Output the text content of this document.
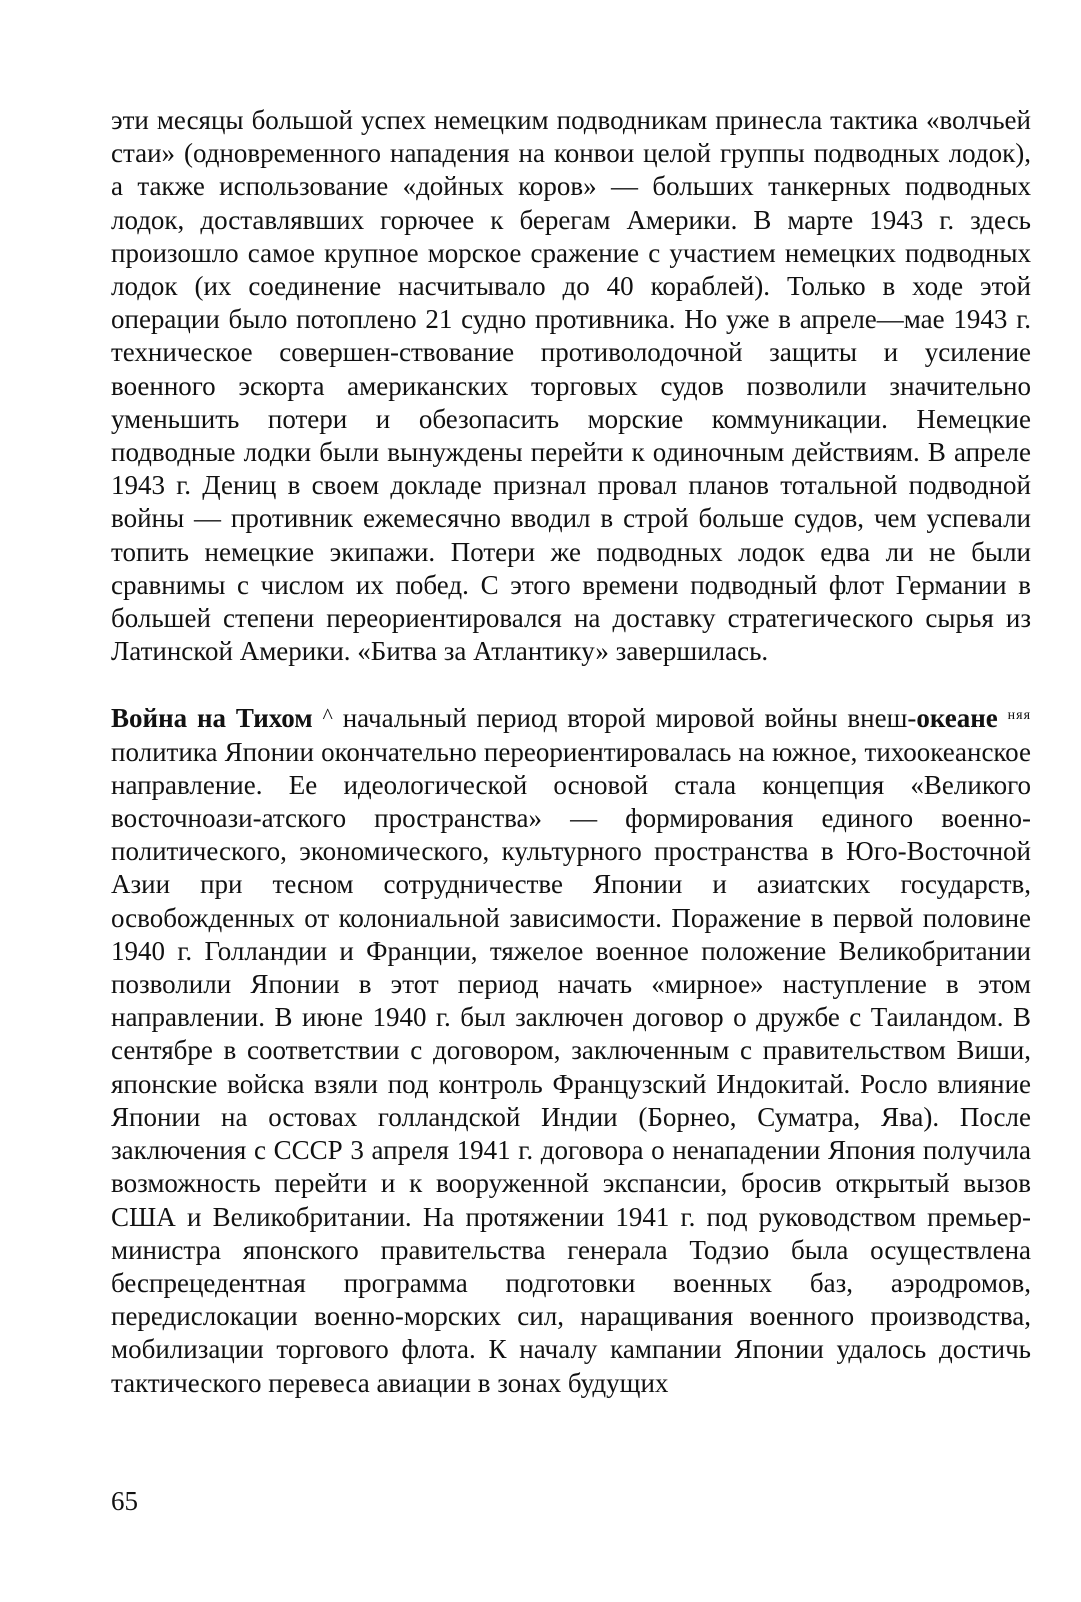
эти месяцы большой успех немецким подводникам принесла тактика «волчьей стаи» (одновременного нападения на конвои целой группы подводных лодок), а также использование «дойных коров» — больших танкерных подводных лодок, доставлявших горючее к берегам Америки. В марте 1943 г. здесь произошло самое крупное морское сражение с участием немецких подводных лодок (их соединение насчитывало до 40 кораблей). Только в ходе этой операции было потоплено 21 судно противника. Но уже в апреле—мае 1943 г. техническое совершен-ствование противолодочной защиты и усиление военного эскорта американских торговых судов позволили значительно уменьшить потери и обезопасить морские коммуникации. Немецкие подводные лодки были вынуждены перейти к одиночным действиям. В апреле 1943 г. Дениц в своем докладе признал провал планов тотальной подводной войны — противник ежемесячно вводил в строй больше судов, чем успевали топить немецкие экипажи. Потери же подводных лодок едва ли не были сравнимы с числом их побед. С этого времени подводный флот Германии в большей степени переориентировался на доставку стратегического сырья из Латинской Америки. «Битва за Атлантику» завершилась.

Война на Тихом ^ начальный период второй мировой войны внеш-океане $^{няя}$ политика Японии окончательно переориентировалась на южное, тихоокеанское направление. Ее идеологической основой стала концепция «Великого восточноази-атского пространства» — формирования единого военно-политического, экономического, культурного пространства в Юго-Восточной Азии при тесном сотрудничестве Японии и азиатских государств, освобожденных от колониальной зависимости. Поражение в первой половине 1940 г. Голландии и Франции, тяжелое военное положение Великобритании позволили Японии в этот период начать «мирное» наступление в этом направлении. В июне 1940 г. был заключен договор о дружбе с Таиландом. В сентябре в соответствии с договором, заключенным с правительством Виши, японские войска взяли под контроль Французский Индокитай. Росло влияние Японии на остовах голландской Индии (Борнео, Суматра, Ява). После заключения с СССР 3 апреля 1941 г. договора о ненападении Япония получила возможность перейти и к вооруженной экспансии, бросив открытый вызов США и Великобритании. На протяжении 1941 г. под руководством премьер-министра японского правительства генерала Тодзио была осуществлена беспрецедентная программа подготовки военных баз, аэродромов, передислокации военно-морских сил, наращивания военного производства, мобилизации торгового флота. К началу кампании Японии удалось достичь тактического перевеса авиации в зонах будущих

65
